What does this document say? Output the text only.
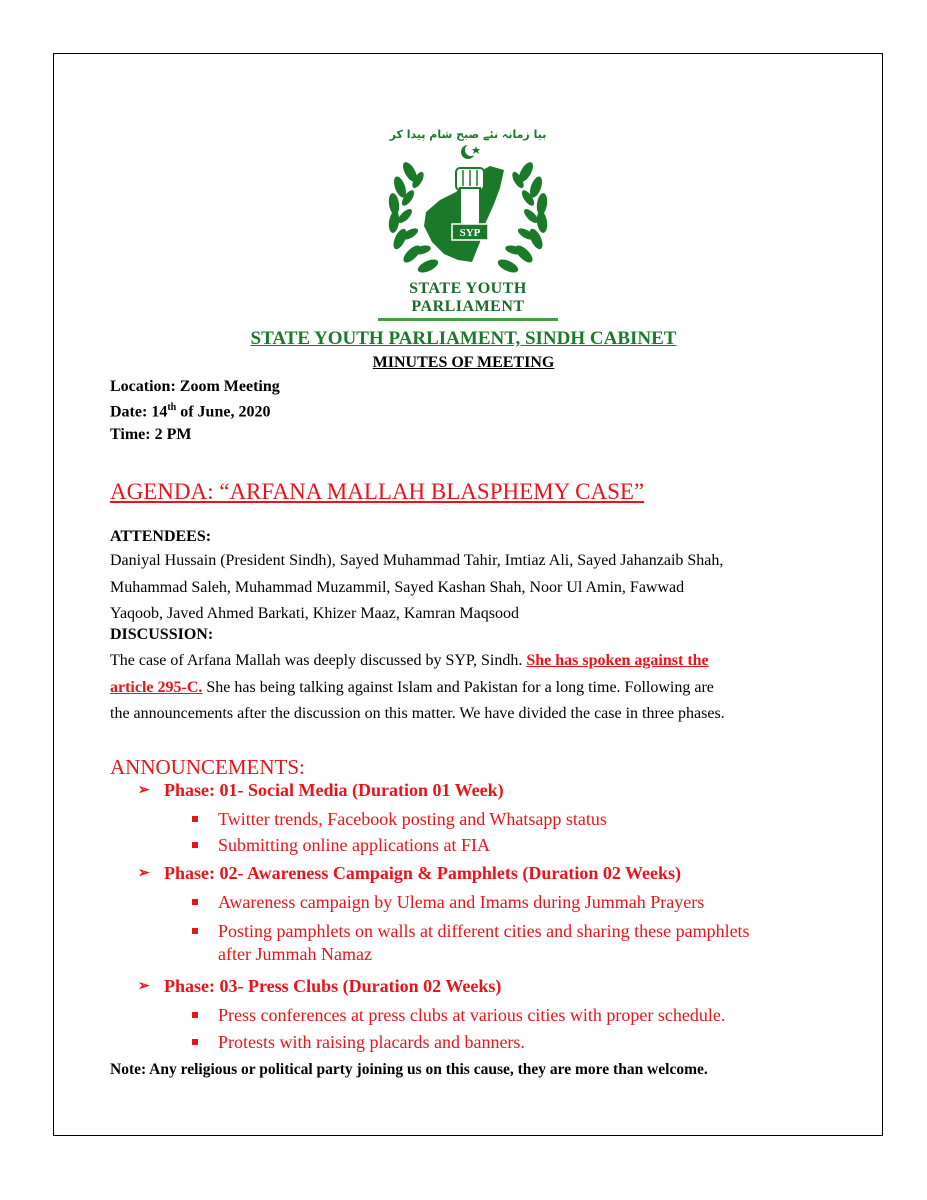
بیا زمانہ نئے صبح شام پیدا کر
SYP
STATE YOUTH
PARLIAMENT
STATE YOUTH PARLIAMENT, SINDH CABINET
MINUTES OF MEETING
Location: Zoom Meeting
Date: 14th of June, 2020
Time: 2 PM
AGENDA: “ARFANA MALLAH BLASPHEMY CASE”
ATTENDEES:
Daniyal Hussain (President Sindh), Sayed Muhammad Tahir, Imtiaz Ali, Sayed Jahanzaib Shah,
Muhammad Saleh, Muhammad Muzammil, Sayed Kashan Shah, Noor Ul Amin, Fawwad
Yaqoob, Javed Ahmed Barkati, Khizer Maaz, Kamran Maqsood
DISCUSSION:
The case of Arfana Mallah was deeply discussed by SYP, Sindh. She has spoken against the
article 295-C. She has being talking against Islam and Pakistan for a long time. Following are
the announcements after the discussion on this matter. We have divided the case in three phases.
ANNOUNCEMENTS:
➢ Phase: 01- Social Media (Duration 01 Week)
Twitter trends, Facebook posting and Whatsapp status
Submitting online applications at FIA
➢ Phase: 02- Awareness Campaign & Pamphlets (Duration 02 Weeks)
Awareness campaign by Ulema and Imams during Jummah Prayers
Posting pamphlets on walls at different cities and sharing these pamphlets after Jummah Namaz
➢ Phase: 03- Press Clubs (Duration 02 Weeks)
Press conferences at press clubs at various cities with proper schedule.
Protests with raising placards and banners.
Note: Any religious or political party joining us on this cause, they are more than welcome.
